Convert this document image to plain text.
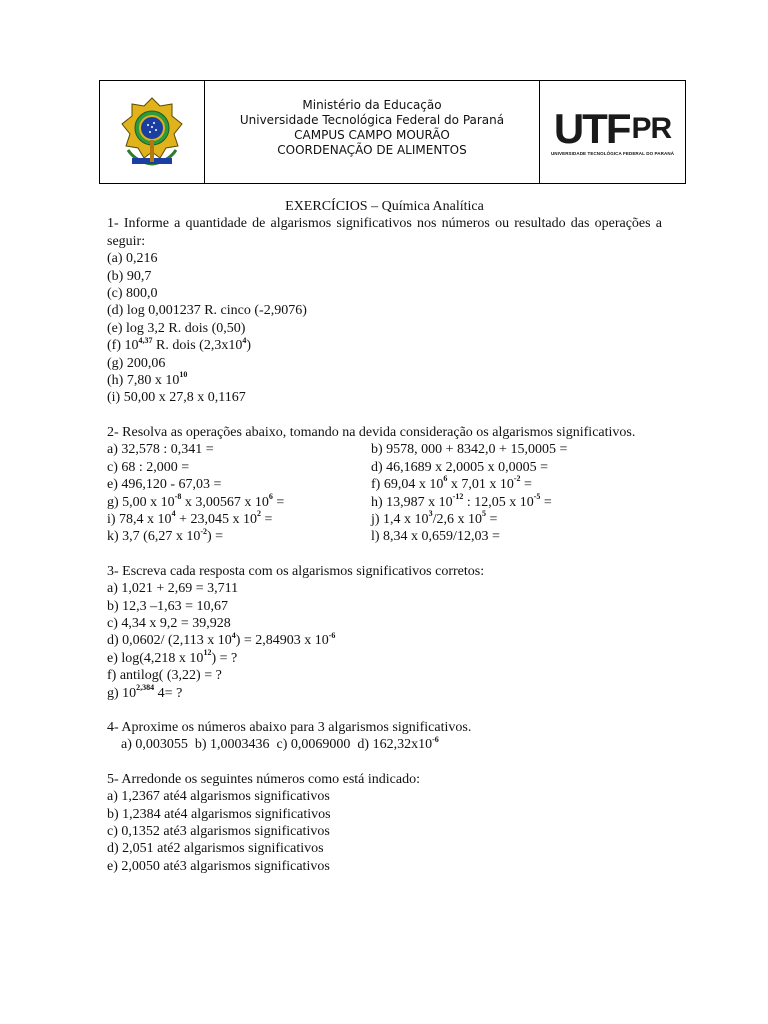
Ministério da Educação
Universidade Tecnológica Federal do Paraná
CAMPUS CAMPO MOURÃO
COORDENAÇÃO DE ALIMENTOS UTF PR
UNIVERSIDADE TECNOLÓGICA FEDERAL DO PARANÁ

EXERCÍCIOS – Química Analítica

1- Informe a quantidade de algarismos significativos nos números ou resultado das operações a seguir:

(a) 0,216

(b) 90,7

(c) 800,0

(d) log 0,001237 R. cinco (-2,9076)

(e) log 3,2 R. dois (0,50)

(f) 10$^{4,37}$ R. dois $(2,3x10^4)$

(g) 200,06

(h) 7,80 x $10^{10}$

(i) 50,00 x 27,8 x 0,1167

2- Resolva as operações abaixo, tomando na devida consideração os algarismos significativos.

a) 32,578 : 0,341 =	b) 9578, 000 + 8342,0 + 15,0005 =
c) 68 : 2,000 =	d) 46,1689 x 2,0005 x 0,0005 =
e) 496,120 - 67,03 =	f) 69,04 x $10^6$ x 7,01 x $10^{-2}$ =
g) 5,00 x $10^{-8}$ x 3,00567 x $10^6$ =	h) 13,987 x $10^{-12}$ : 12,05 x $10^{-5}$ =
i) 78,4 x $10^4 + 23,045$ x $10^2$ =	j) 1,4 x $10^3/2,6$ x $10^5$ =
k) 3,7 (6,27 x $10^{-2}$) =	l) 8,34 x 0,659/12,03 =

3- Escreva cada resposta com os algarismos significativos corretos:

a) 1,021 + 2,69 = 3,711

b) 12,3 –1,63 = 10,67

c) 4,34 x 9,2 = 39,928

d) 0,0602/ (2,113 x $10^4) = 2,84903$ x $10^{-6}$

e) log(4,218 x $10^{12}$) = ?

f) antilog( (3,22) = ?

g) 10$^{2,384}$ 4= ?

4- Aproxime os números abaixo para 3 algarismos significativos.

a) 0,003055  b) 1,0003436  c) 0,0069000  d) $162,32x10^{-6}$

5- Arredonde os seguintes números como está indicado:

a) 1,2367 até4 algarismos significativos

b) 1,2384 até4 algarismos significativos

c) 0,1352 até3 algarismos significativos

d) 2,051 até2 algarismos significativos

e) 2,0050 até3 algarismos significativos
